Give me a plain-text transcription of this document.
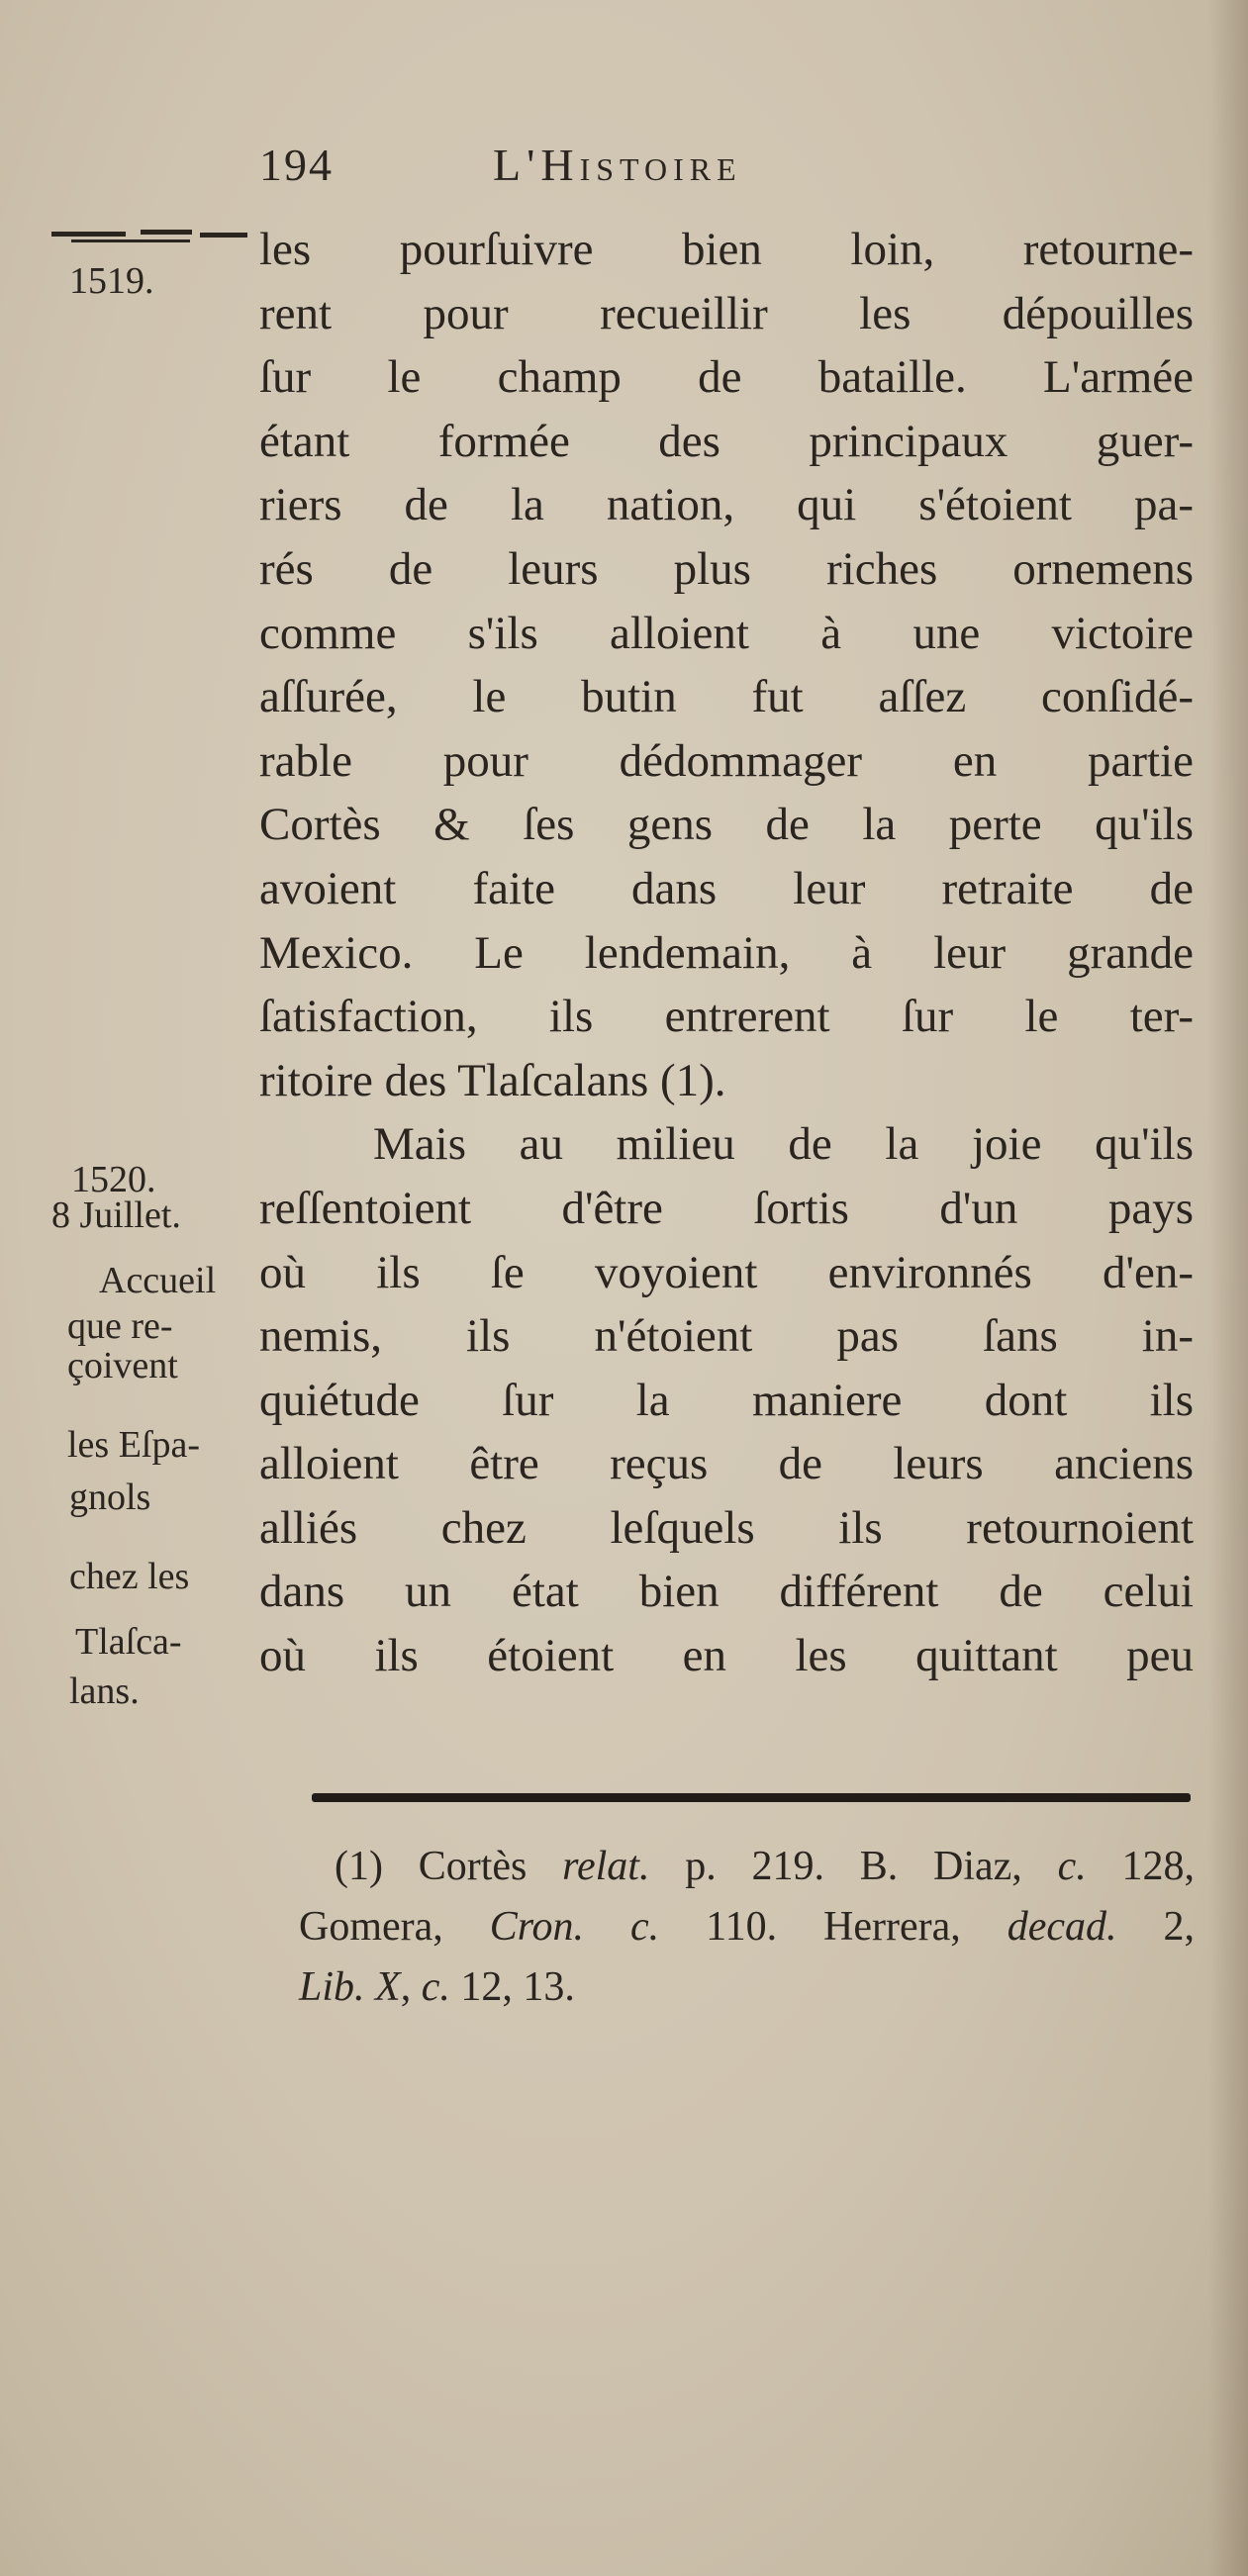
194	L'Histoire
1519.
1520.
8 Juillet.
Accueil
que re-
çoivent
les Eſpa-
gnols
chez les
Tlaſca-
lans.
les pourſuivre bien loin, retourne-
rent pour recueillir les dépouilles
ſur le champ de bataille. L'armée
étant formée des principaux guer-
riers de la nation, qui s'étoient pa-
rés de leurs plus riches ornemens
comme s'ils alloient à une victoire
aſſurée, le butin fut aſſez conſidé-
rable pour dédommager en partie
Cortès & ſes gens de la perte qu'ils
avoient faite dans leur retraite de
Mexico. Le lendemain, à leur grande
ſatisfaction, ils entrerent ſur le ter-
ritoire des Tlaſcalans (1).
Mais au milieu de la joie qu'ils
reſſentoient d'être ſortis d'un pays
où ils ſe voyoient environnés d'en-
nemis, ils n'étoient pas ſans in-
quiétude ſur la maniere dont ils
alloient être reçus de leurs anciens
alliés chez leſquels ils retournoient
dans un état bien différent de celui
où ils étoient en les quittant peu
(1) Cortès relat. p. 219. B. Diaz, c. 128,
Gomera, Cron. c. 110. Herrera, decad. 2,
Lib. X, c. 12, 13.
